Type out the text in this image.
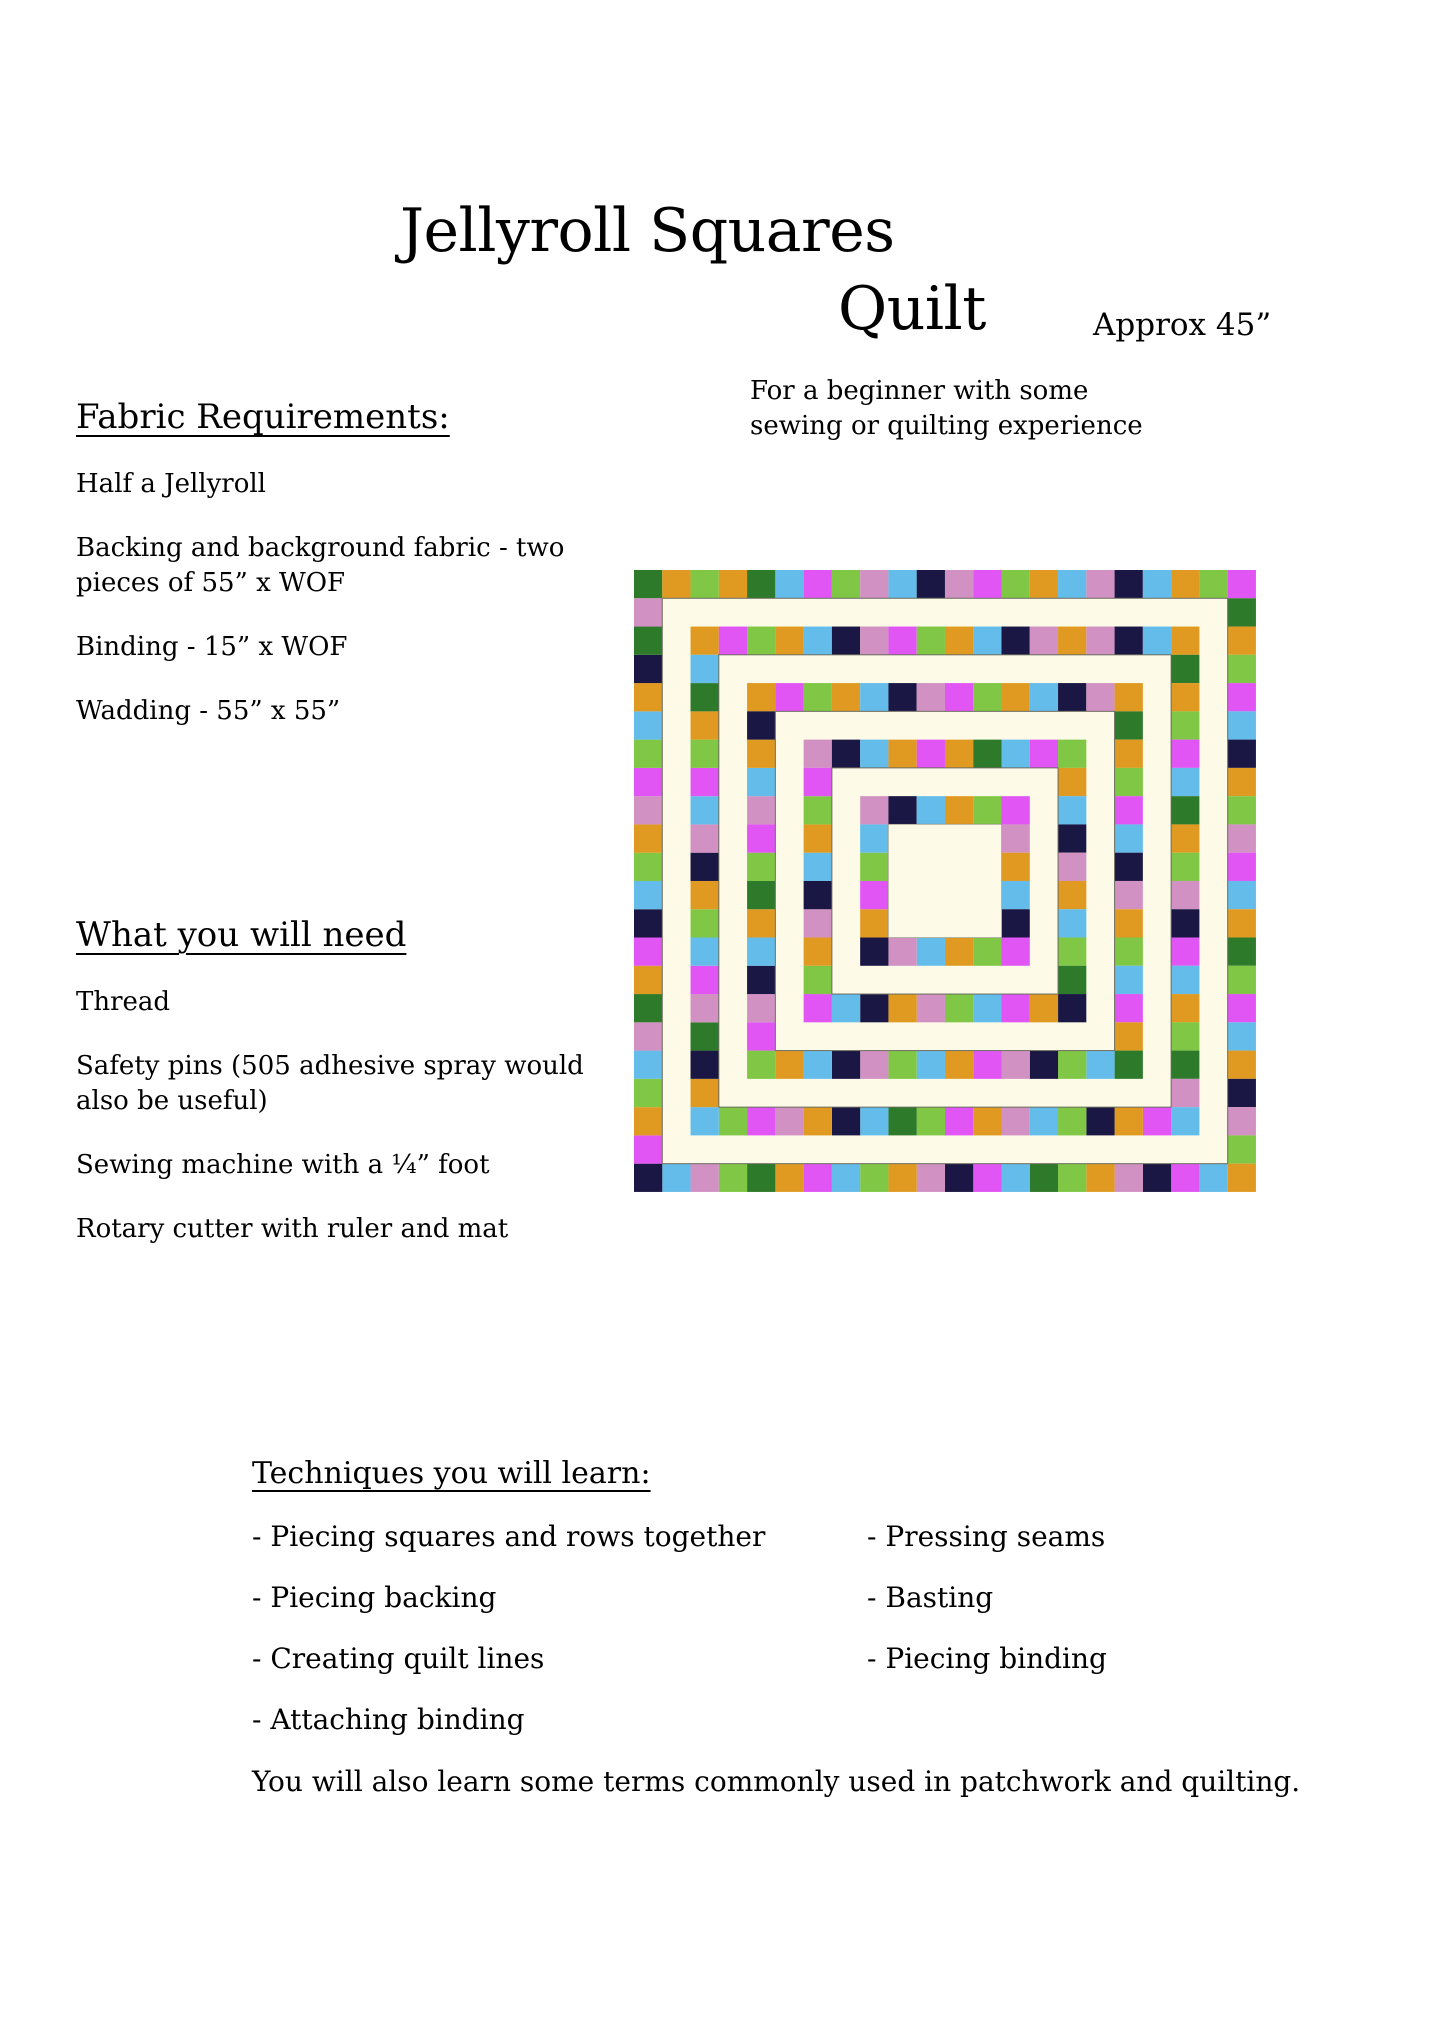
Jellyroll Squares
Quilt	Approx 45”
For a beginner with some
sewing or quilting experience
Fabric Requirements:

Half a Jellyroll

Backing and background fabric - two pieces of 55” x WOF

Binding - 15” x WOF

Wadding - 55” x 55”

What you will need

Thread

Safety pins (505 adhesive spray would also be useful)

Sewing machine with a ¼” foot

Rotary cutter with ruler and mat

Techniques you will learn:
- Piecing squares and rows together	- Pressing seams
- Piecing backing	- Basting
- Creating quilt lines	- Piecing binding
- Attaching binding
You will also learn some terms commonly used in patchwork and quilting.
